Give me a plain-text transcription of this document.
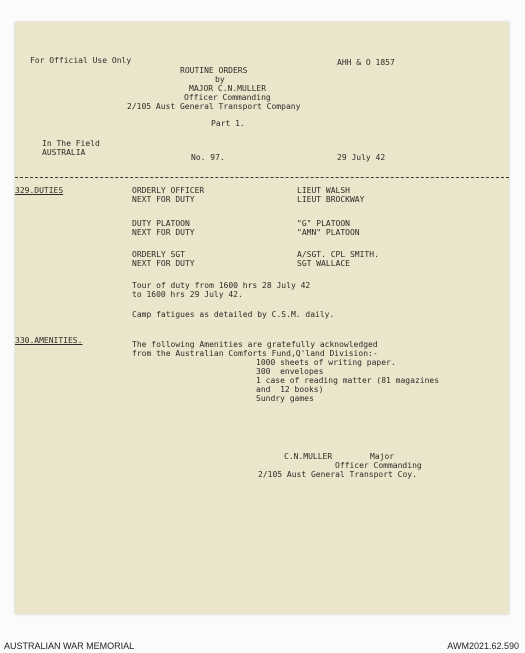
For Official Use Only	AHH & O 1857
ROUTINE ORDERS
by
MAJOR C.N.MULLER
Officer Commanding
2/105 Aust General Transport Company
Part 1.
In The Field
AUSTRALIA
No. 97.	29 July 42
329.DUTIES	ORDERLY OFFICER	LIEUT WALSH
NEXT FOR DUTY	LIEUT BROCKWAY
DUTY PLATOON	"G" PLATOON
NEXT FOR DUTY	"AMN" PLATOON
ORDERLY SGT	A/SGT. CPL SMITH.
NEXT FOR DUTY	SGT WALLACE
Tour of duty from 1600 hrs 28 July 42
to 1600 hrs 29 July 42.
Camp fatigues as detailed by C.S.M. daily.
330.AMENITIES.	The following Amenities are gratefully acknowledged
from the Australian Comforts Fund,Q'land Division:-
1000 sheets of writing paper.
300  envelopes
1 case of reading matter (81 magazines
and  12 books)
Sundry games
C.N.MULLER	Major
Officer Commanding
2/105 Aust General Transport Coy.
AUSTRALIAN WAR MEMORIAL	AWM2021.62.590
